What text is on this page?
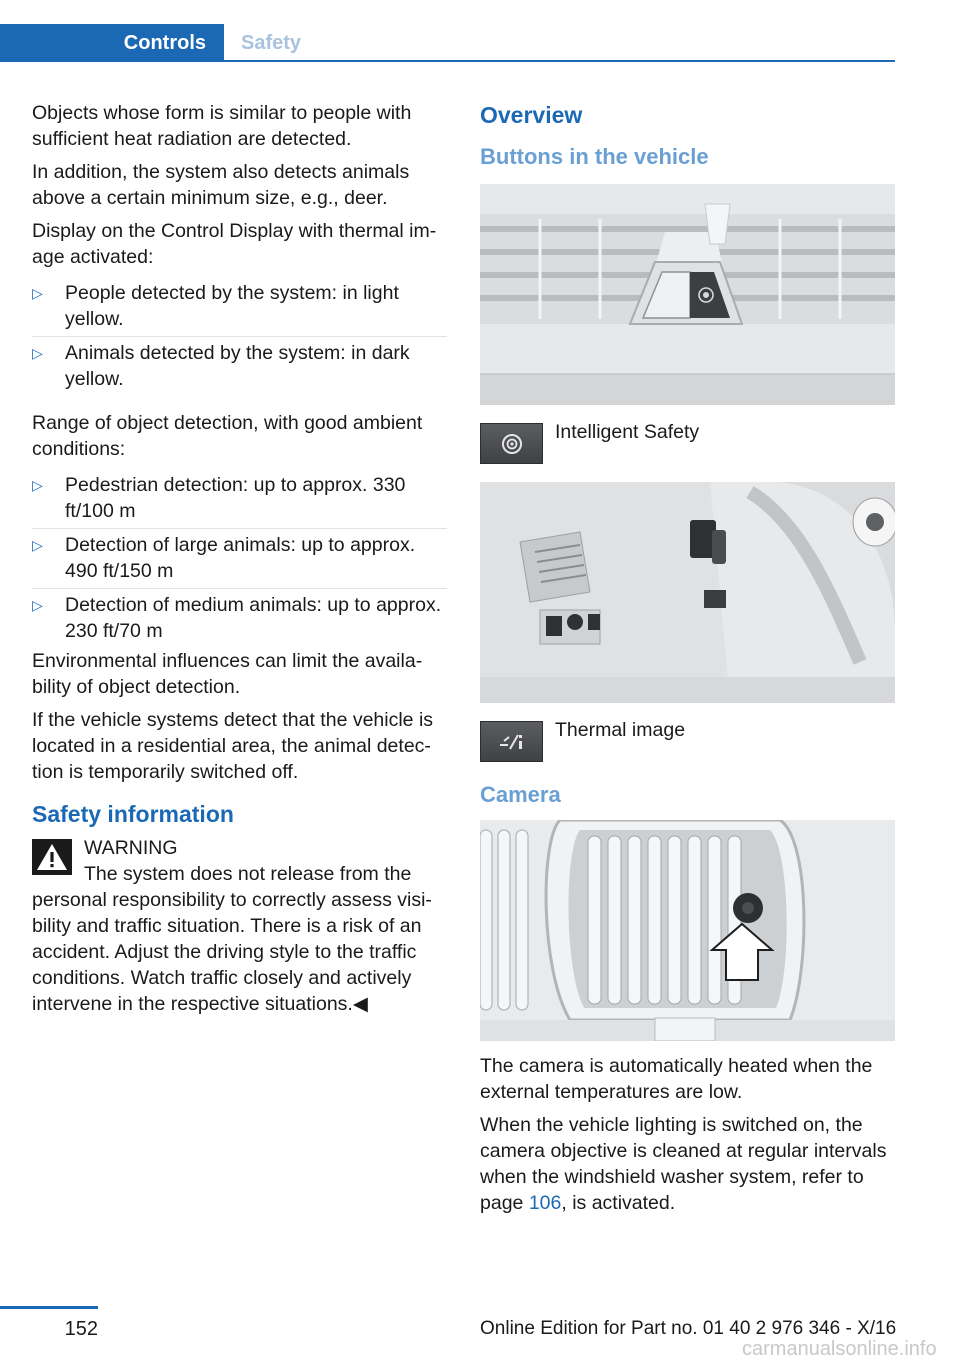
Controls	Safety

Objects whose form is similar to people with sufficient heat radiation are detected.

In addition, the system also detects animals above a certain minimum size, e.g., deer.

Display on the Control Display with thermal image activated:

▷ People detected by the system: in light yellow.
▷ Animals detected by the system: in dark yellow.

Range of object detection, with good ambient conditions:

▷ Pedestrian detection: up to approx. 330 ft/100 m
▷ Detection of large animals: up to approx. 490 ft/150 m
▷ Detection of medium animals: up to approx. 230 ft/70 m

Environmental influences can limit the availability of object detection.

If the vehicle systems detect that the vehicle is located in a residential area, the animal detection is temporarily switched off.

Safety information
WARNING
The system does not release from the personal responsibility to correctly assess visibility and traffic situation. There is a risk of an accident. Adjust the driving style to the traffic conditions. Watch traffic closely and actively intervene in the respective situations.◀
Overview
Buttons in the vehicle
Intelligent Safety
Thermal image
Camera

The camera is automatically heated when the external temperatures are low.

When the vehicle lighting is switched on, the camera objective is cleaned at regular intervals when the windshield washer system, refer to page 106, is activated.

152	Online Edition for Part no. 01 40 2 976 346 - X/16
carmanualsonline.info
